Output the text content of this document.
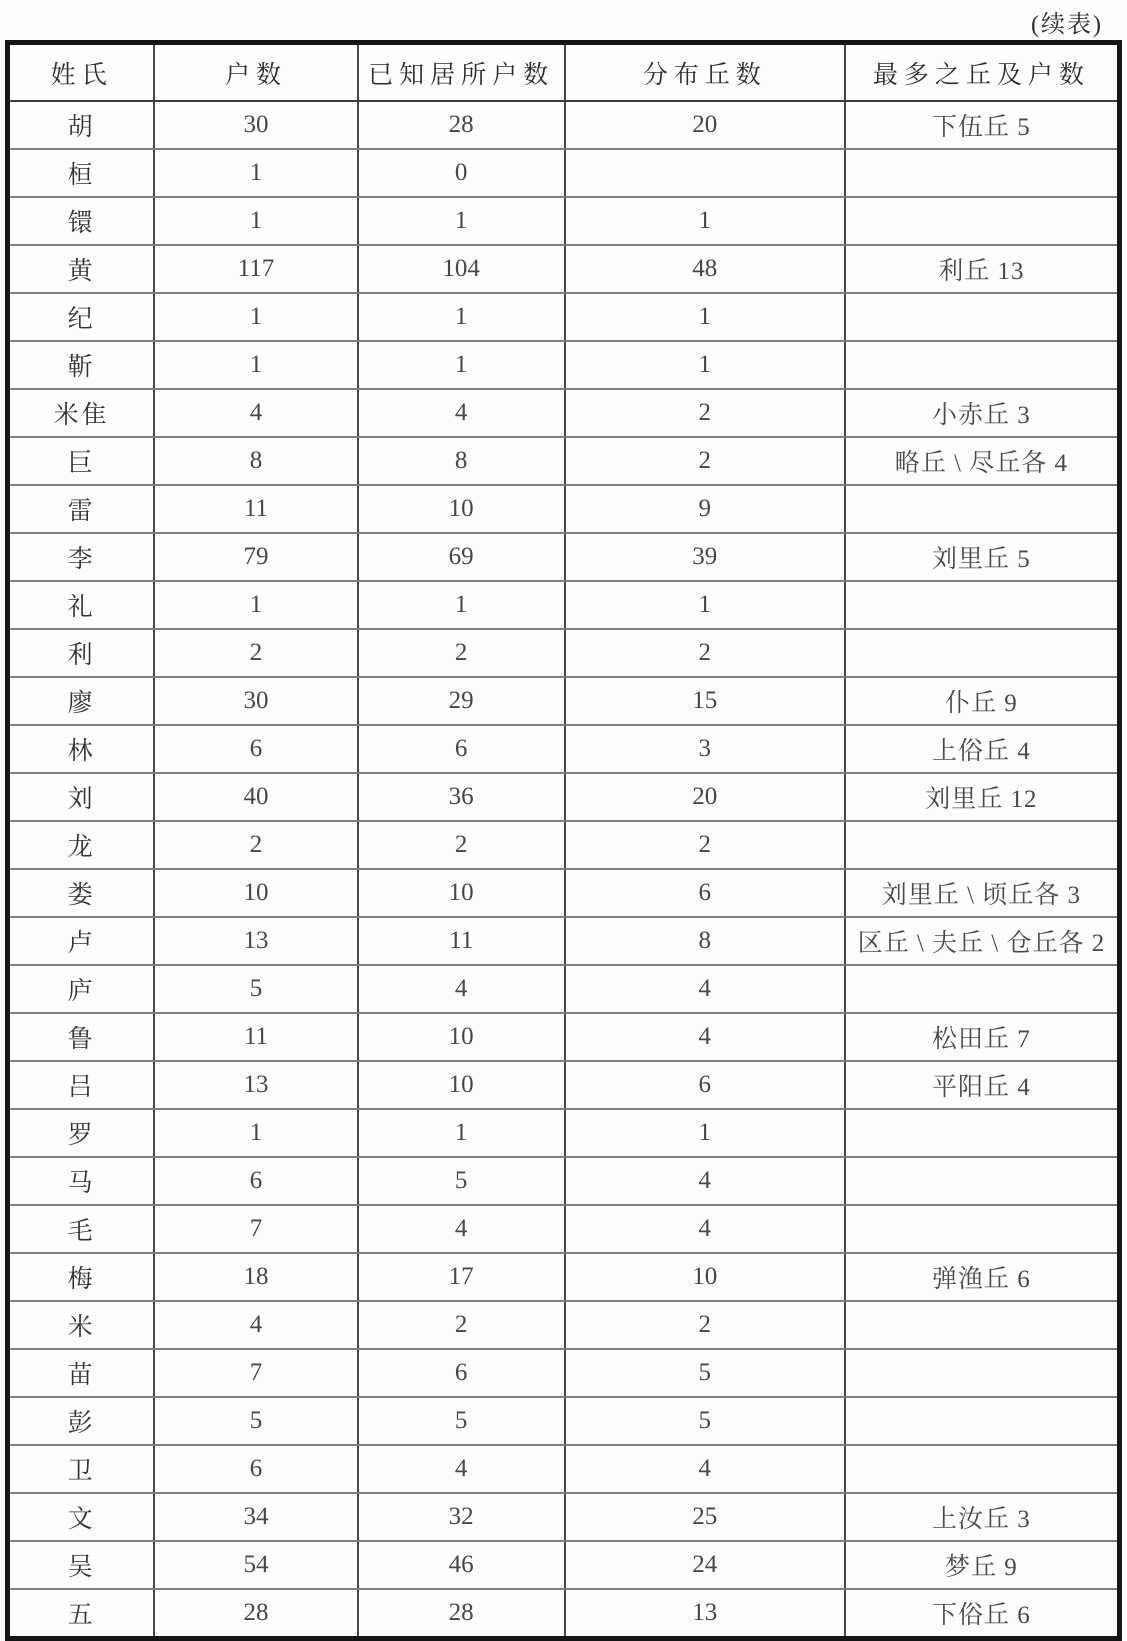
(续表)
姓氏	户数	已知居所户数	分布丘数	最多之丘及户数
胡	30	28	20	下伍丘 5
桓	1	0		
镮	1	1	1	
黄	117	104	48	利丘 13
纪	1	1	1	
靳	1	1	1	
米隹	4	4	2	小赤丘 3
巨	8	8	2	略丘 \ 尽丘各 4
雷	11	10	9	
李	79	69	39	刘里丘 5
礼	1	1	1	
利	2	2	2	
廖	30	29	15	仆丘 9
林	6	6	3	上俗丘 4
刘	40	36	20	刘里丘 12
龙	2	2	2	
娄	10	10	6	刘里丘 \ 顷丘各 3
卢	13	11	8	区丘 \ 夫丘 \ 仓丘各 2
庐	5	4	4	
鲁	11	10	4	松田丘 7
吕	13	10	6	平阳丘 4
罗	1	1	1	
马	6	5	4	
毛	7	4	4	
梅	18	17	10	弹渔丘 6
米	4	2	2	
苗	7	6	5	
彭	5	5	5	
卫	6	4	4	
文	34	32	25	上汝丘 3
吴	54	46	24	梦丘 9
五	28	28	13	下俗丘 6
